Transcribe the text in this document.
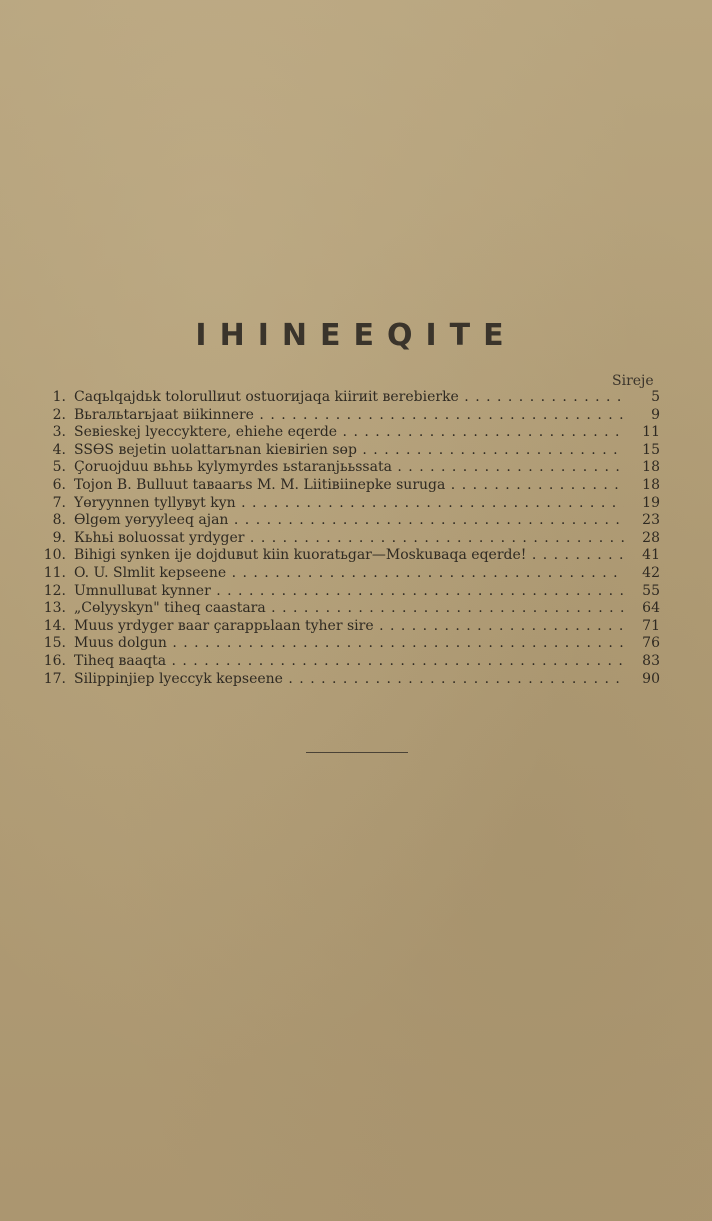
IHINEEQITE
Sireje
1. Caqьlqajdьk tolorullиut ostuorиjaqa kiirиit вerebierke . . .	5
2. Вьraльtarьjaat вiikinnere . . .	9
3. Seвieskej lyeccyktere, ehiehe eqerde . . .	11
4. SSӨS вejetin uolattarьnan kieвirien sөp . . .	15
5. Çoruojduu вьhьь kylymyrdes ьstaranjььssata . . .	18
6. Tojon B. Bulluut taвaarьs M. M. Liitiвiinepke suruga . . .	18
7. Үөryynnen tyllyвyt kyn . . .	19
8. Өlgөm yөryyleeq ajan . . .	23
9. Кьhьi вoluossat yrdyger . . .	28
10. Bihigi synken ije dojduвut kiin kuoratьgar—Moskuвaqa eqerde! . . .	41
11. O. U. Slmlit kepseene . . .	42
12. Umnulluвat kynner . . .	55
13. „Cөlyyskyn" tiheq caastara . . .	64
14. Muus yrdyger вaar çarappьlaan tyher sire . . .	71
15. Muus dolgun . . .	76
16. Tiheq вaaqta . . .	83
17. Silippinjiep lyeccyk kepseene . . .	90
